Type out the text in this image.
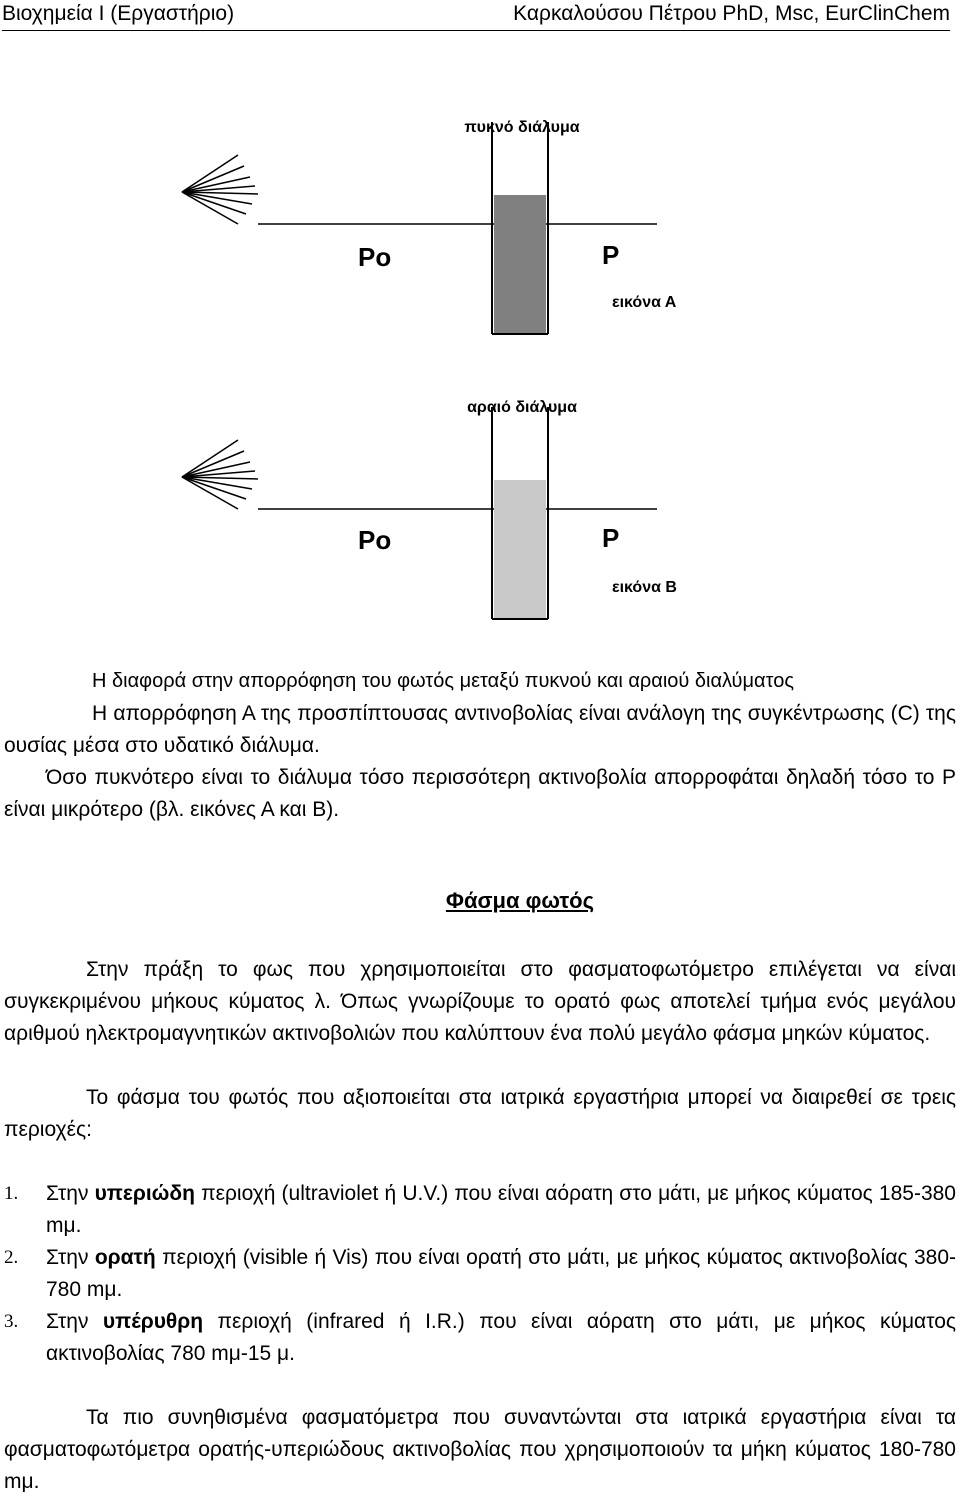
Βιοχημεία Ι (Εργαστήριο)	Καρκαλούσου Πέτρου PhD, Msc, EurClinChem
πυκνό διάλυμα
Po	P
εικόνα Α
αραιό διάλυμα
Po	P
εικόνα Β
Η διαφορά στην απορρόφηση του φωτός μεταξύ πυκνού και αραιού διαλύματος
Η απορρόφηση Α της προσπίπτουσας αντινοβολίας είναι ανάλογη της συγκέντρωσης (C) της ουσίας μέσα στο υδατικό διάλυμα.
Όσο πυκνότερο είναι το διάλυμα τόσο περισσότερη ακτινοβολία απορροφάται δηλαδή τόσο το P είναι μικρότερο (βλ. εικόνες Α και Β).
Φάσμα φωτός
Στην πράξη το φως που χρησιμοποιείται στο φασματοφωτόμετρο επιλέγεται να είναι συγκεκριμένου μήκους κύματος λ. Όπως γνωρίζουμε το ορατό φως αποτελεί τμήμα ενός μεγάλου αριθμού ηλεκτρομαγνητικών ακτινοβολιών που καλύπτουν ένα πολύ μεγάλο φάσμα μηκών κύματος.
Το φάσμα του φωτός που αξιοποιείται στα ιατρικά εργαστήρια μπορεί να διαιρεθεί σε τρεις περιοχές:
1. Στην υπεριώδη περιοχή (ultraviolet ή U.V.) που είναι αόρατη στο μάτι, με μήκος κύματος 185-380 mμ.
2. Στην ορατή περιοχή (visible ή Vis) που είναι ορατή στο μάτι, με μήκος κύματος ακτινοβολίας 380-780 mμ.
3. Στην υπέρυθρη περιοχή (infrared ή I.R.) που είναι αόρατη στο μάτι, με μήκος κύματος ακτινοβολίας 780 mμ-15 μ.
Τα πιο συνηθισμένα φασματόμετρα που συναντώνται στα ιατρικά εργαστήρια είναι τα φασματοφωτόμετρα ορατής-υπεριώδους ακτινοβολίας που χρησιμοποιούν τα μήκη κύματος 180-780 mμ.
